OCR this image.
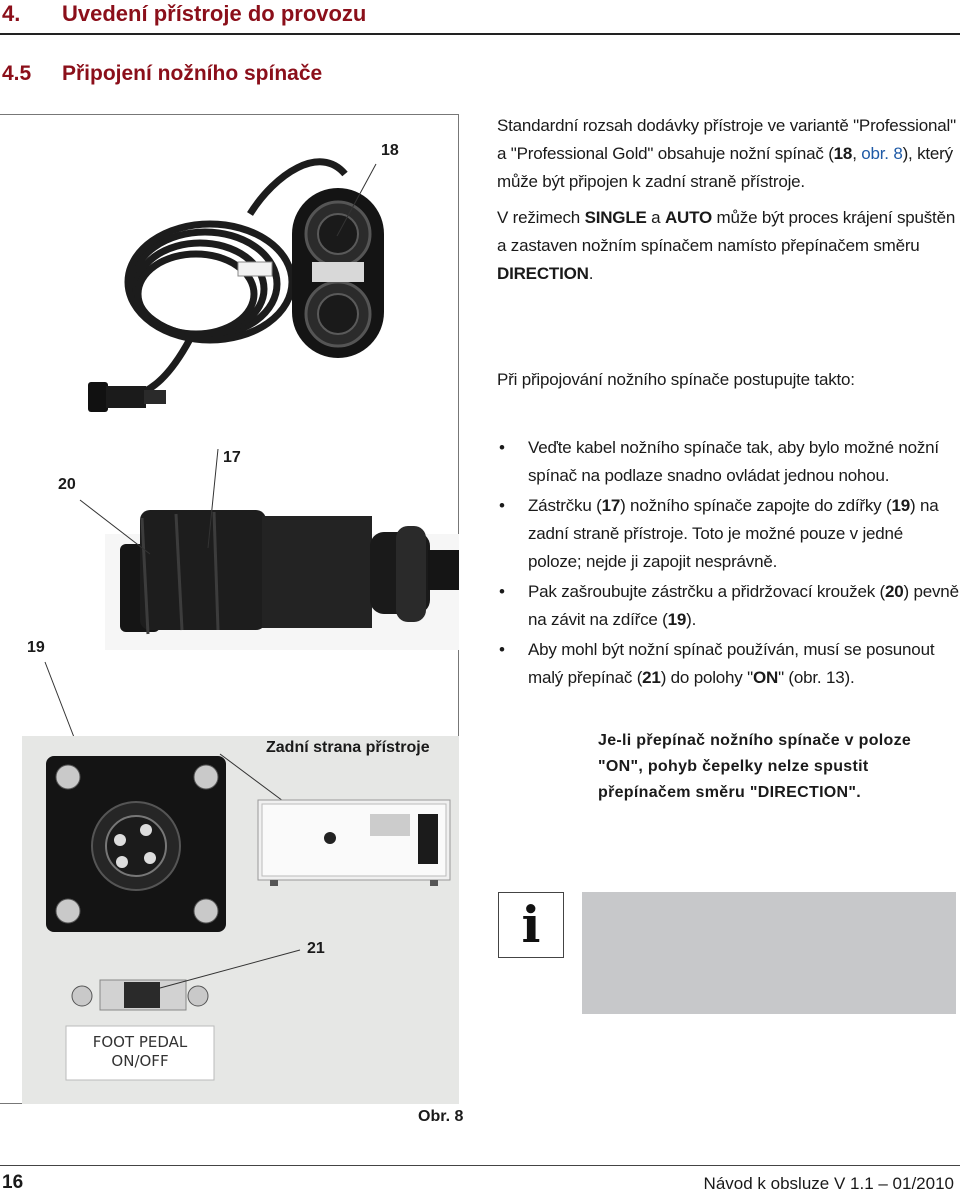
4. Uvedení přístroje do provozu
4.5 Připojení nožního spínače
18
17
20
19
Zadní strana přístroje
21
FOOT PEDAL
ON/OFF
Obr. 8
Standardní rozsah dodávky přístroje ve variantě "Professional" a "Professional Gold" obsahuje nožní spínač (18, obr. 8), který může být připojen k zadní straně přístroje.
V režimech SINGLE a AUTO může být proces krájení spuštěn a zastaven nožním spínačem namísto přepínačem směru DIRECTION.
Při připojování nožního spínače postupujte takto:
• Veďte kabel nožního spínače tak, aby bylo možné nožní spínač na podlaze snadno ovládat jednou nohou.
• Zástrčku (17) nožního spínače zapojte do zdířky (19) na zadní straně přístroje. Toto je možné pouze v jedné poloze; nejde ji zapojit nesprávně.
• Pak zašroubujte zástrčku a přidržovací kroužek (20) pevně na závit na zdířce (19).
• Aby mohl být nožní spínač používán, musí se posunout malý přepínač (21) do polohy "ON" (obr. 13).
Je-li přepínač nožního spínače v poloze "ON", pohyb čepelky nelze spustit přepínačem směru "DIRECTION".
i
16	Návod k obsluze V 1.1 – 01/2010
